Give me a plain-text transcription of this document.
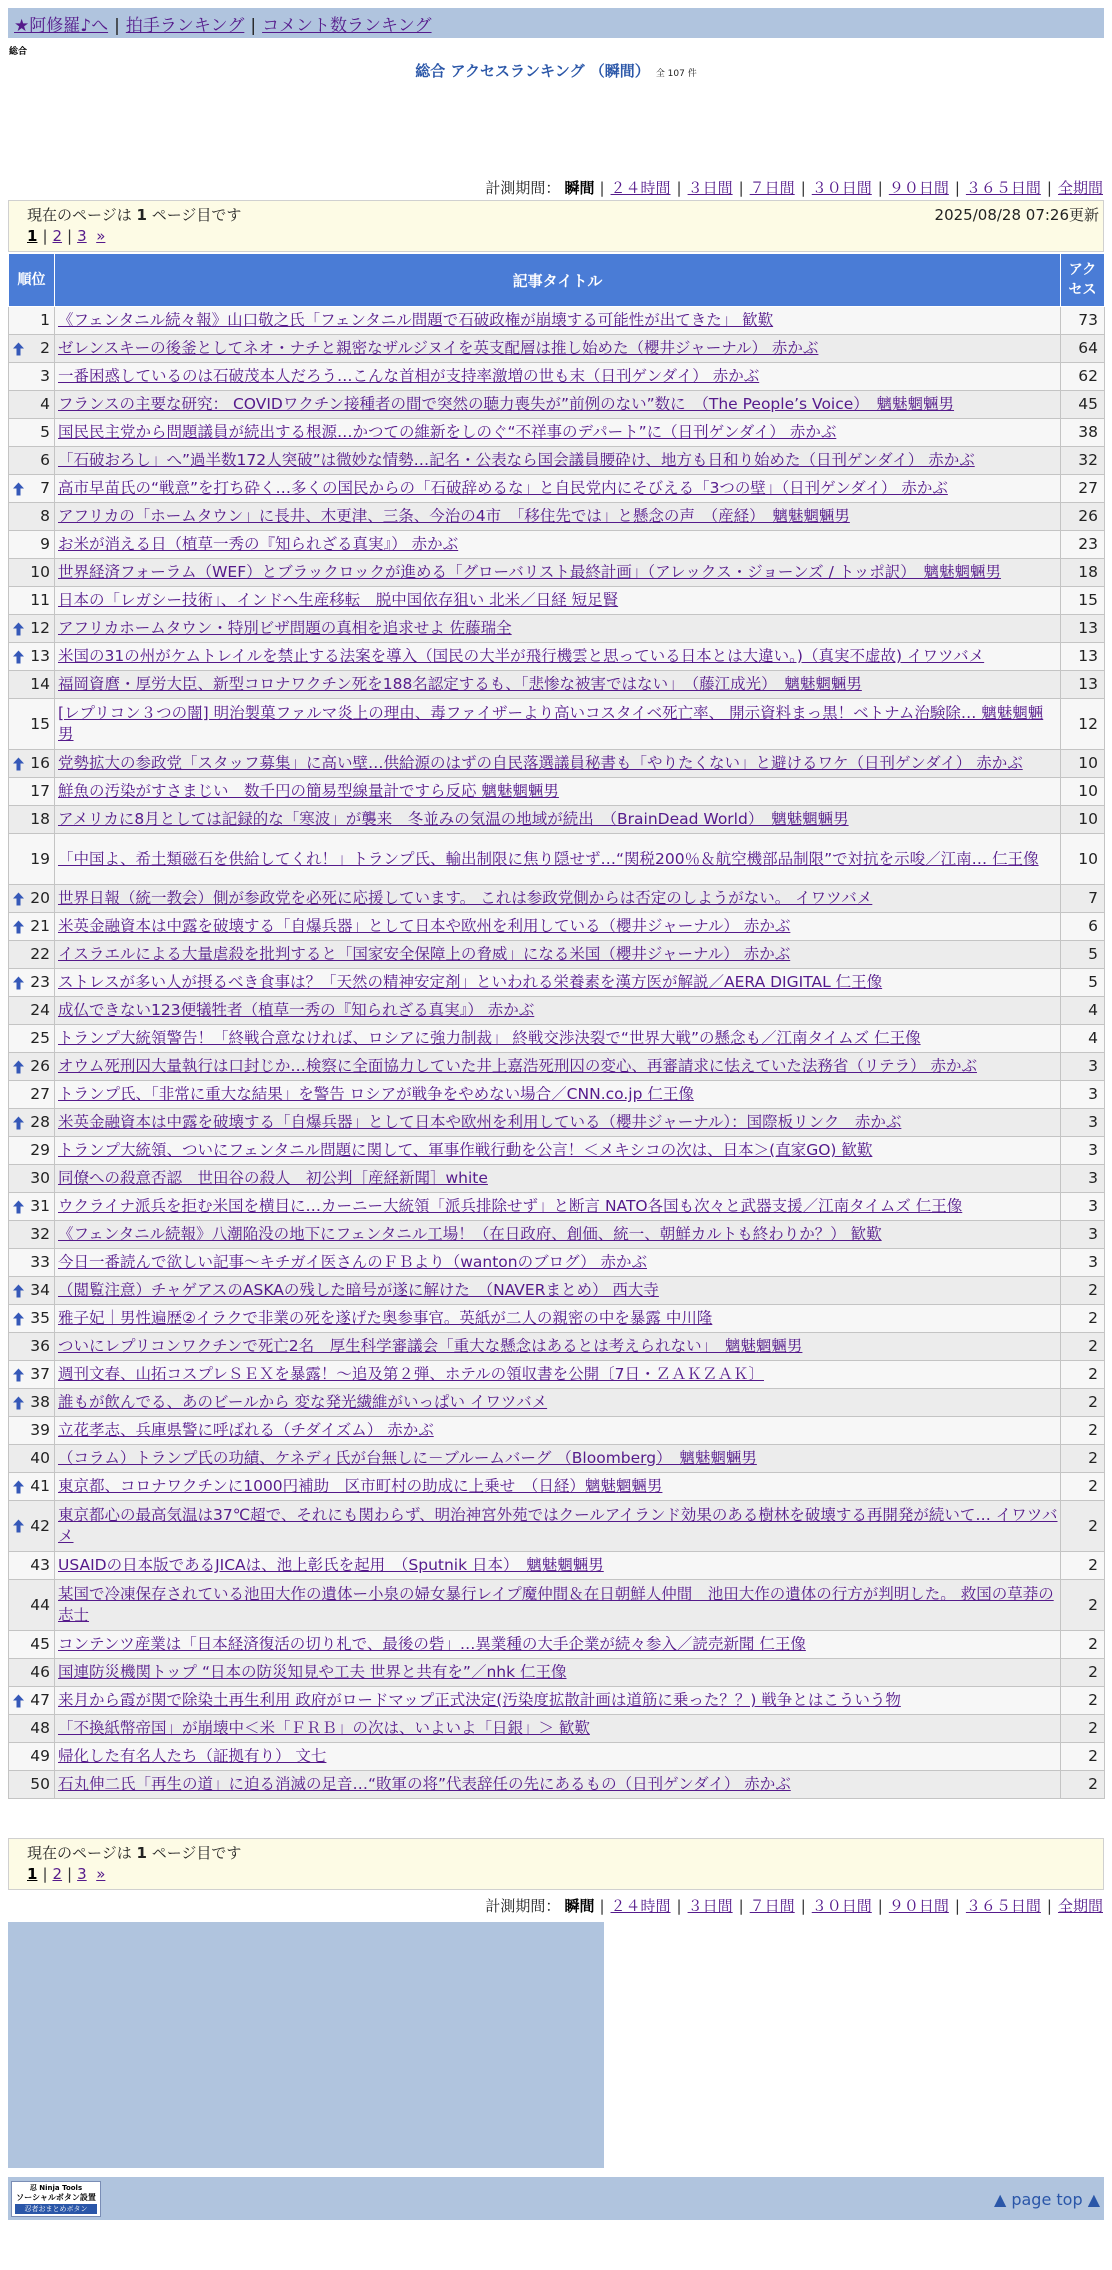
★阿修羅♪へ | 拍手ランキング | コメント数ランキング
総合
総合 アクセスランキング （瞬間） 全 107 件
計測期間： 瞬間 | ２４時間 | ３日間 | ７日間 | ３０日間 | ９０日間 | ３６５日間 | 全期間
現在のページは 1 ページ目です	2025/08/28 07:26更新
1 | 2 | 3 »
順位	記事タイトル	アクセス
1	《フェンタニル続々報》山口敬之氏「フェンタニル問題で石破政権が崩壊する可能性が出てきた」 歓歎	73

2	ゼレンスキーの後釜としてネオ・ナチと親密なザルジヌイを英支配層は推し始めた（櫻井ジャーナル） 赤かぶ	64
3	一番困惑しているのは石破茂本人だろう…こんな首相が支持率激増の世も末（日刊ゲンダイ） 赤かぶ	62
4	フランスの主要な研究： COVIDワクチン接種者の間で突然の聴力喪失が”前例のない”数に　（The People’s Voice）　魑魅魍魎男	45
5	国民民主党から問題議員が続出する根源…かつての維新をしのぐ“不祥事のデパート”に（日刊ゲンダイ） 赤かぶ	38
6	「石破おろし」へ”過半数172人突破”は微妙な情勢…記名・公表なら国会議員腰砕け、地方も日和り始めた（日刊ゲンダイ） 赤かぶ	32

7	高市早苗氏の“戦意”を打ち砕く…多くの国民からの「石破辞めるな」と自民党内にそびえる「3つの壁」（日刊ゲンダイ） 赤かぶ	27
8	アフリカの「ホームタウン」に長井、木更津、三条、今治の4市　「移住先では」と懸念の声　（産経）　魑魅魍魎男	26
9	お米が消える日（植草一秀の『知られざる真実』） 赤かぶ	23
10	世界経済フォーラム（WEF）とブラックロックが進める「グローバリスト最終計画」（アレックス・ジョーンズ / トッポ訳）　魑魅魍魎男	18
11	日本の「レガシー技術」、インドへ生産移転　脱中国依存狙い 北米／日経 短足賢	15

12	アフリカホームタウン・特別ビザ問題の真相を追求せよ 佐藤瑞全	13

13	米国の31の州がケムトレイルを禁止する法案を導入（国民の大半が飛行機雲と思っている日本とは大違い。)（真実不虚故) イワツバメ	13
14	福岡資麿・厚労大臣、新型コロナワクチン死を188名認定するも、「悲惨な被害ではない」　（藤江成光）　魑魅魍魎男	13
15	[レプリコン３つの闇] 明治製菓ファルマ炎上の理由、毒ファイザーより高いコスタイベ死亡率、 開示資料まっ黒！ベトナム治験除… 魑魅魍魎男	12

16	党勢拡大の参政党「スタッフ募集」に高い壁…供給源のはずの自民落選議員秘書も「やりたくない」と避けるワケ（日刊ゲンダイ） 赤かぶ	10
17	鮮魚の汚染がすさまじい　数千円の簡易型線量計ですら反応 魑魅魍魎男	10
18	アメリカに8月としては記録的な「寒波」が襲来　冬並みの気温の地域が続出　（BrainDead World）　魑魅魍魎男	10
19	「中国よ、希土類磁石を供給してくれ！」トランプ氏、輸出制限に焦り隠せず…“関税200％＆航空機部品制限”で対抗を示唆／江南… 仁王像	10

20	世界日報（統一教会）側が参政党を必死に応援しています。 これは参政党側からは否定のしようがない。 イワツバメ	7

21	米英金融資本は中露を破壊する「自爆兵器」として日本や欧州を利用している（櫻井ジャーナル） 赤かぶ	6
22	イスラエルによる大量虐殺を批判すると「国家安全保障上の脅威」になる米国（櫻井ジャーナル） 赤かぶ	5

23	ストレスが多い人が摂るべき食事は？「天然の精神安定剤」といわれる栄養素を漢方医が解説／AERA DIGITAL 仁王像	5
24	成仏できない123便犠牲者（植草一秀の『知られざる真実』） 赤かぶ	4
25	トランプ大統領警告！「終戦合意なければ、ロシアに強力制裁」 終戦交渉決裂で“世界大戦”の懸念も／江南タイムズ 仁王像	4

26	オウム死刑囚大量執行は口封じか…検察に全面協力していた井上嘉浩死刑囚の変心、再審請求に怯えていた法務省（リテラ） 赤かぶ	3
27	トランプ氏、「非常に重大な結果」を警告 ロシアが戦争をやめない場合／CNN.co.jp 仁王像	3

28	米英金融資本は中露を破壊する「自爆兵器」として日本や欧州を利用している（櫻井ジャーナル）：国際板リンク　赤かぶ	3
29	トランプ大統領、ついにフェンタニル問題に関して、軍事作戦行動を公言！＜メキシコの次は、日本＞(直家GO) 歓歎	3
30	同僚への殺意否認　世田谷の殺人　初公判［産経新聞］white	3

31	ウクライナ派兵を拒む米国を横目に…カーニー大統領「派兵排除せず」と断言 NATO各国も次々と武器支援／江南タイムズ 仁王像	3
32	《フェンタニル続報》八潮陥没の地下にフェンタニル工場！（在日政府、創価、統一、朝鮮カルトも終わりか？） 歓歎	3
33	今日一番読んで欲しい記事〜キチガイ医さんのＦＢより（wantonのブログ） 赤かぶ	3

34	（閲覧注意）チャゲアスのASKAの残した暗号が遂に解けた　（NAVERまとめ） 西大寺	2

35	雅子妃｜男性遍歴②イラクで非業の死を遂げた奥参事官。英紙が二人の親密の中を暴露 中川隆	2
36	ついにレプリコンワクチンで死亡2名　厚生科学審議会「重大な懸念はあるとは考えられない」　魑魅魍魎男	2

37	週刊文春、山拓コスプレＳＥＸを暴露！〜追及第２弾、ホテルの領収書を公開〔7日・ＺＡＫＺＡＫ〕	2

38	誰もが飲んでる、あのビールから 変な発光繊維がいっぱい イワツバメ	2
39	立花孝志、兵庫県警に呼ばれる（チダイズム） 赤かぶ	2
40	（コラム）トランプ氏の功績、ケネディ氏が台無しに－ブルームバーグ （Bloomberg）　魑魅魍魎男	2

41	東京都、コロナワクチンに1000円補助　区市町村の助成に上乗せ　（日経）魑魅魍魎男	2

42	東京都心の最高気温は37℃超で、それにも関わらず、明治神宮外苑ではクールアイランド効果のある樹林を破壊する再開発が続いて… イワツバメ	2
43	USAIDの日本版であるJICAは、池上彰氏を起用　（Sputnik 日本）　魑魅魍魎男	2
44	某国で冷凍保存されている池田大作の遺体ー小泉の婦女暴行レイプ魔仲間＆在日朝鮮人仲間　池田大作の遺体の行方が判明した。 救国の草莽の志士	2
45	コンテンツ産業は「日本経済復活の切り札で、最後の砦」…異業種の大手企業が続々参入／読売新聞 仁王像	2
46	国連防災機関トップ “日本の防災知見や工夫 世界と共有を”／nhk 仁王像	2

47	来月から霞が関で除染土再生利用 政府がロードマップ正式決定(汚染度拡散計画は道筋に乗った？？) 戦争とはこういう物	2
48	「不換紙幣帝国」が崩壊中＜米「ＦＲＢ」の次は、いよいよ「日銀」＞ 歓歎	2
49	帰化した有名人たち（証拠有り） 文七	2
50	石丸伸二氏「再生の道」に迫る消滅の足音…“敗軍の将”代表辞任の先にあるもの（日刊ゲンダイ） 赤かぶ	2
現在のページは 1 ページ目です
1 | 2 | 3 »
計測期間： 瞬間 | ２４時間 | ３日間 | ７日間 | ３０日間 | ９０日間 | ３６５日間 | 全期間
忍 Ninja Tools
ソーシャルボタン設置
忍者おまとめボタン	▲ page top ▲
